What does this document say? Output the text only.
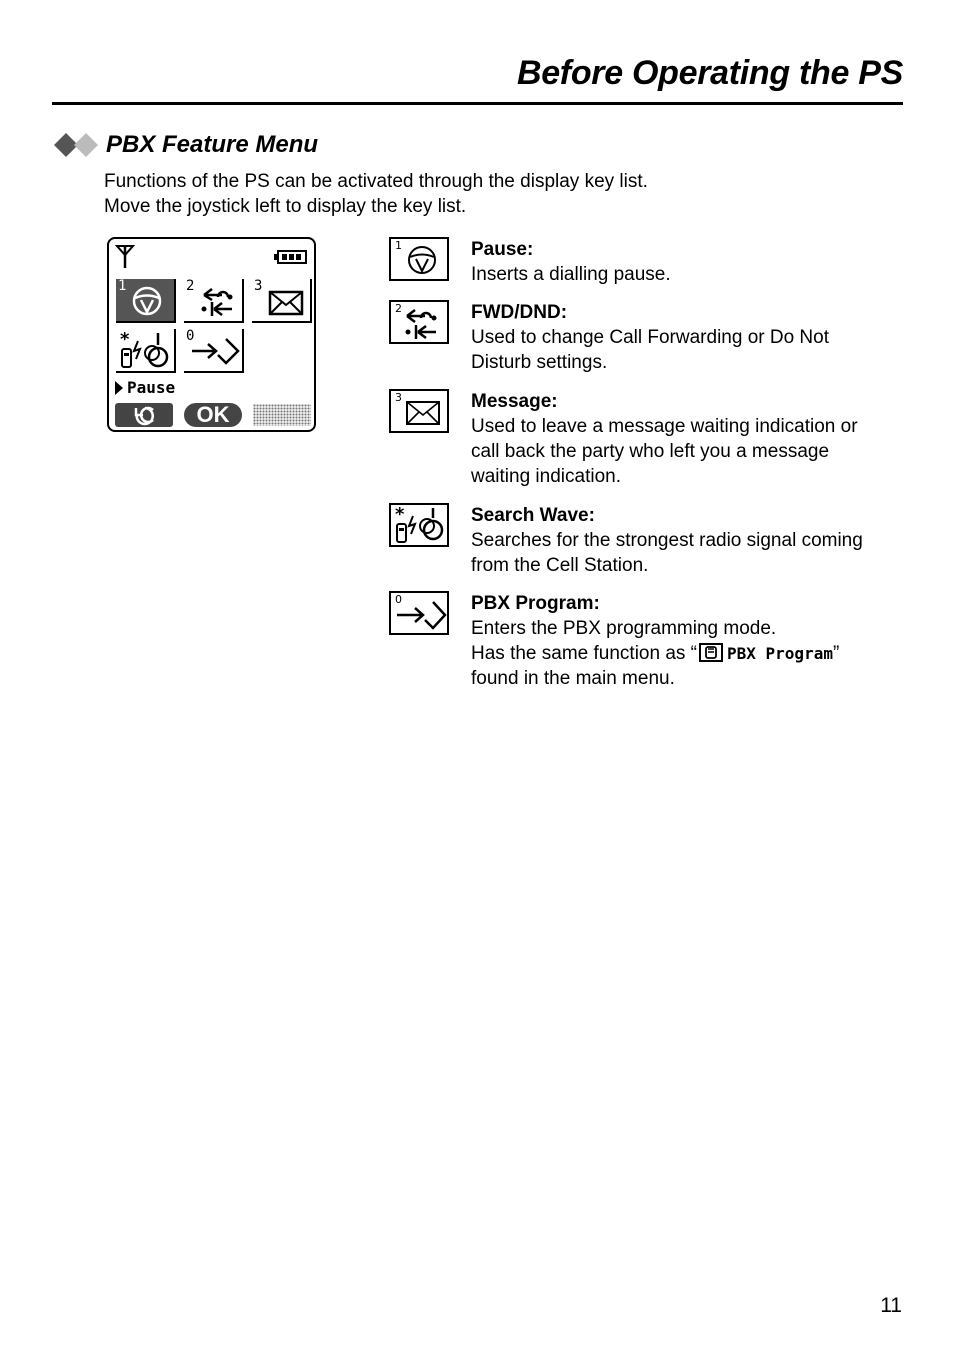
Before Operating the PS
PBX Feature Menu

Functions of the PS can be activated through the display key list.

Move the joystick left to display the key list.

1	2	3
*	0
Pause
OK
1	Pause:
Inserts a dialling pause.
2	FWD/DND:
Used to change Call Forwarding or Do Not
Disturb settings.
3	Message:
Used to leave a message waiting indication or
call back the party who left you a message
waiting indication.
*	Search Wave:
Searches for the strongest radio signal coming
from the Cell Station.
0	PBX Program:
Enters the PBX programming mode.
Has the same function as “ PBX Program”
found in the main menu.
11
